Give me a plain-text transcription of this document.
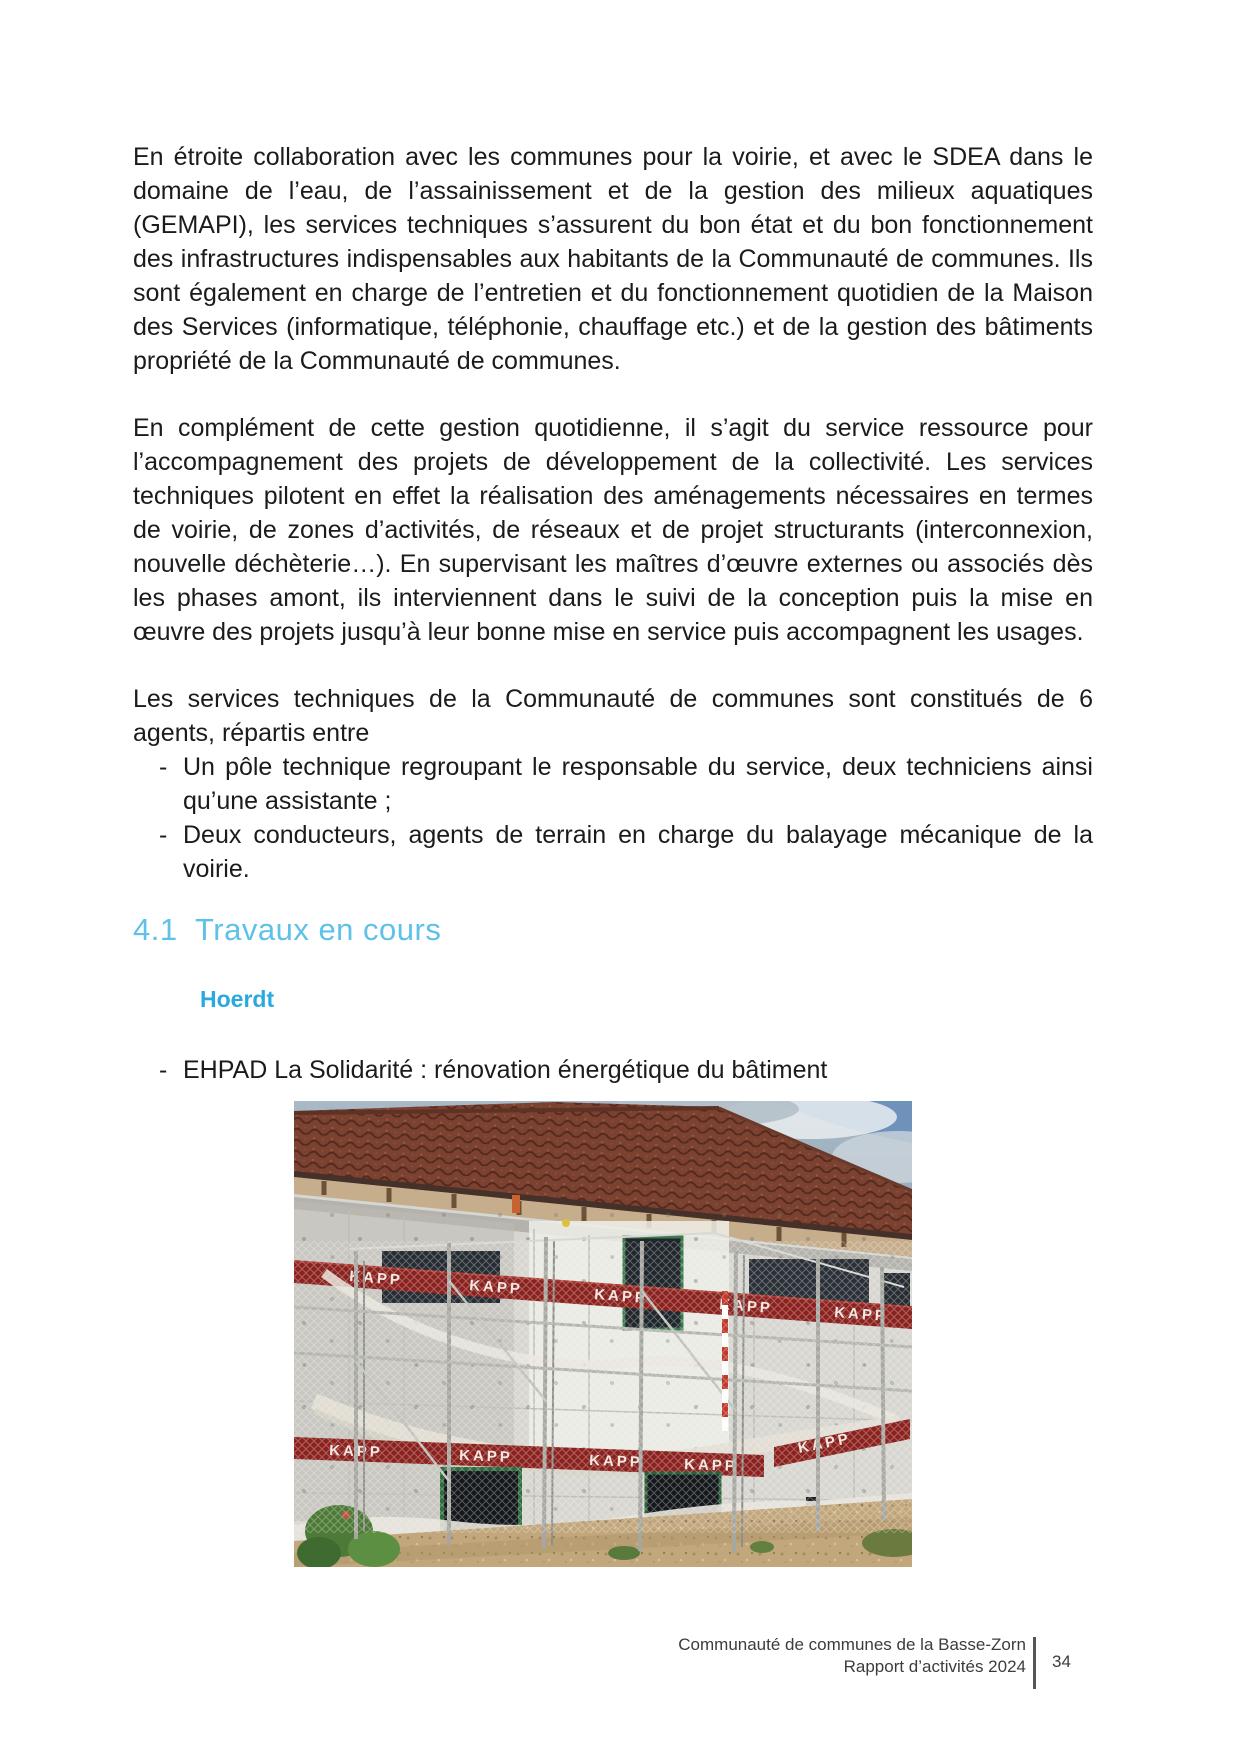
En étroite collaboration avec les communes pour la voirie, et avec le SDEA dans le domaine de l’eau, de l’assainissement et de la gestion des milieux aquatiques (GEMAPI), les services techniques s’assurent du bon état et du bon fonctionnement des infrastructures indispensables aux habitants de la Communauté de communes. Ils sont également en charge de l’entretien et du fonctionnement quotidien de la Maison des Services (informatique, téléphonie, chauffage etc.) et de la gestion des bâtiments propriété de la Communauté de communes.

En complément de cette gestion quotidienne, il s’agit du service ressource pour l’accompagnement des projets de développement de la collectivité. Les services techniques pilotent en effet la réalisation des aménagements nécessaires en termes de voirie, de zones d’activités, de réseaux et de projet structurants (interconnexion, nouvelle déchèterie…). En supervisant les maîtres d’œuvre externes ou associés dès les phases amont, ils interviennent dans le suivi de la conception puis la mise en œuvre des projets jusqu’à leur bonne mise en service puis accompagnent les usages.

Les services techniques de la Communauté de communes sont constitués de 6 agents, répartis entre

- Un pôle technique regroupant le responsable du service, deux techniciens ainsi qu’une assistante ;
- Deux conducteurs, agents de terrain en charge du balayage mécanique de la voirie.
4.1 Travaux en cours
Hoerdt
- EHPAD La Solidarité : rénovation énergétique du bâtiment
Communauté de communes de la Basse-Zorn
Rapport d’activités 2024 34
